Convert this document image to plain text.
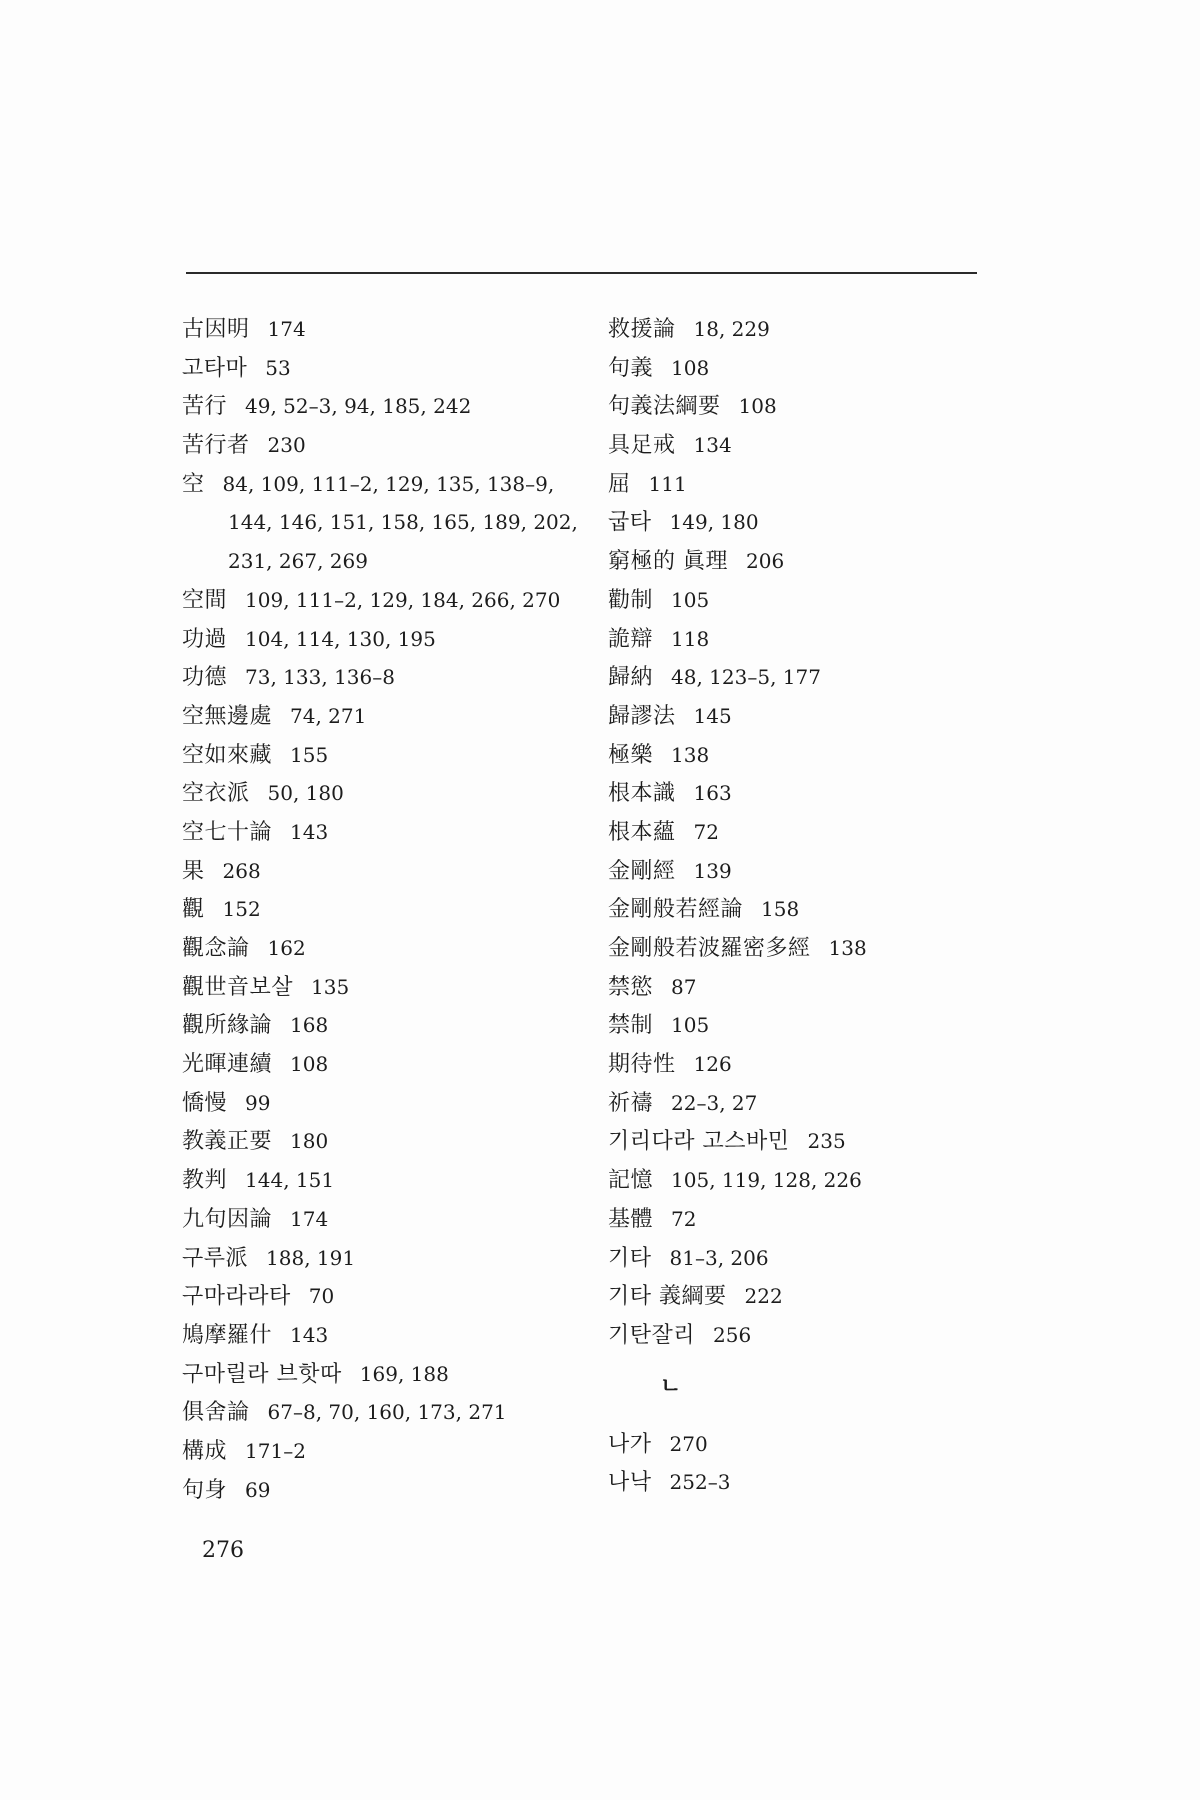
古因明 174
고타마 53
苦行 49, 52–3, 94, 185, 242
苦行者 230
空 84, 109, 111–2, 129, 135, 138–9,
144, 146, 151, 158, 165, 189, 202,
231, 267, 269
空間 109, 111–2, 129, 184, 266, 270
功過 104, 114, 130, 195
功德 73, 133, 136–8
空無邊處 74, 271
空如來藏 155
空衣派 50, 180
空七十論 143
果 268
觀 152
觀念論 162
觀世音보살 135
觀所緣論 168
光暉連續 108
憍慢 99
教義正要 180
教判 144, 151
九句因論 174
구루派 188, 191
구마라라타 70
鳩摩羅什 143
구마릴라 브핫따 169, 188
俱舍論 67–8, 70, 160, 173, 271
構成 171–2
句身 69
救援論 18, 229
句義 108
句義法綱要 108
具足戒 134
屈 111
굽타 149, 180
窮極的 眞理 206
勸制 105
詭辯 118
歸納 48, 123–5, 177
歸謬法 145
極樂 138
根本識 163
根本蘊 72
金剛經 139
金剛般若經論 158
金剛般若波羅密多經 138
禁慾 87
禁制 105
期待性 126
祈禱 22–3, 27
기리다라 고스바민 235
記憶 105, 119, 128, 226
基體 72
기타 81–3, 206
기타 義綱要 222
기탄잘리 256
ㄴ
나가 270
나낙 252–3
276
